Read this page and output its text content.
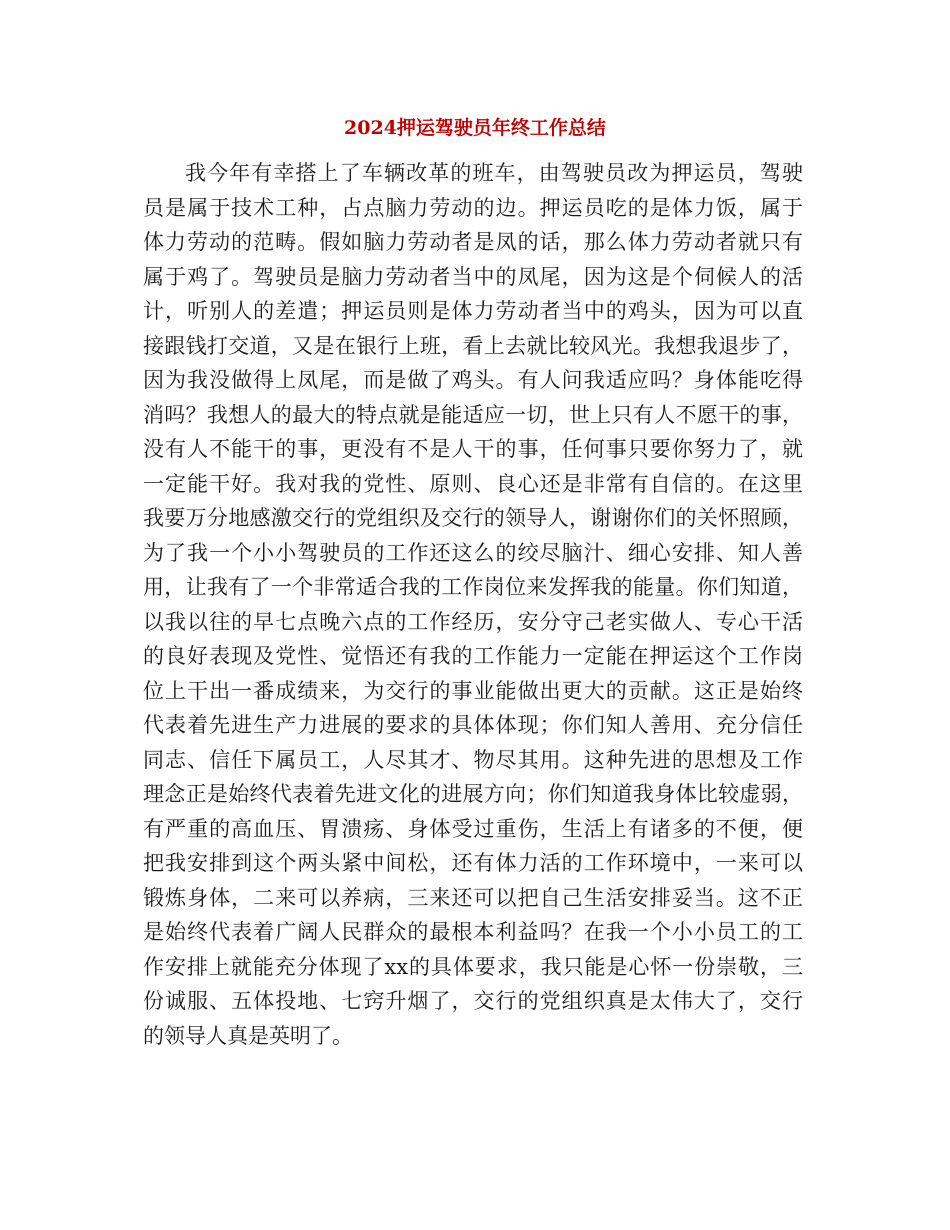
2024押运驾驶员年终工作总结
我今年有幸搭上了车辆改革的班车，由驾驶员改为押运员，驾驶
员是属于技术工种，占点脑力劳动的边。押运员吃的是体力饭，属于
体力劳动的范畴。假如脑力劳动者是凤的话，那么体力劳动者就只有
属于鸡了。驾驶员是脑力劳动者当中的凤尾，因为这是个伺候人的活
计，听别人的差遣；押运员则是体力劳动者当中的鸡头，因为可以直
接跟钱打交道，又是在银行上班，看上去就比较风光。我想我退步了，
因为我没做得上凤尾，而是做了鸡头。有人问我适应吗？身体能吃得
消吗？我想人的最大的特点就是能适应一切，世上只有人不愿干的事，
没有人不能干的事，更没有不是人干的事，任何事只要你努力了，就
一定能干好。我对我的党性、原则、良心还是非常有自信的。在这里
我要万分地感激交行的党组织及交行的领导人，谢谢你们的关怀照顾，
为了我一个小小驾驶员的工作还这么的绞尽脑汁、细心安排、知人善
用，让我有了一个非常适合我的工作岗位来发挥我的能量。你们知道，
以我以往的早七点晚六点的工作经历，安分守己老实做人、专心干活
的良好表现及党性、觉悟还有我的工作能力一定能在押运这个工作岗
位上干出一番成绩来，为交行的事业能做出更大的贡献。这正是始终
代表着先进生产力进展的要求的具体体现；你们知人善用、充分信任
同志、信任下属员工，人尽其才、物尽其用。这种先进的思想及工作
理念正是始终代表着先进文化的进展方向；你们知道我身体比较虚弱，
有严重的高血压、胃溃疡、身体受过重伤，生活上有诸多的不便，便
把我安排到这个两头紧中间松，还有体力活的工作环境中，一来可以
锻炼身体，二来可以养病，三来还可以把自己生活安排妥当。这不正
是始终代表着广阔人民群众的最根本利益吗？在我一个小小员工的工
作安排上就能充分体现了xx的具体要求，我只能是心怀一份崇敬，三
份诚服、五体投地、七窍升烟了，交行的党组织真是太伟大了，交行
的领导人真是英明了。
